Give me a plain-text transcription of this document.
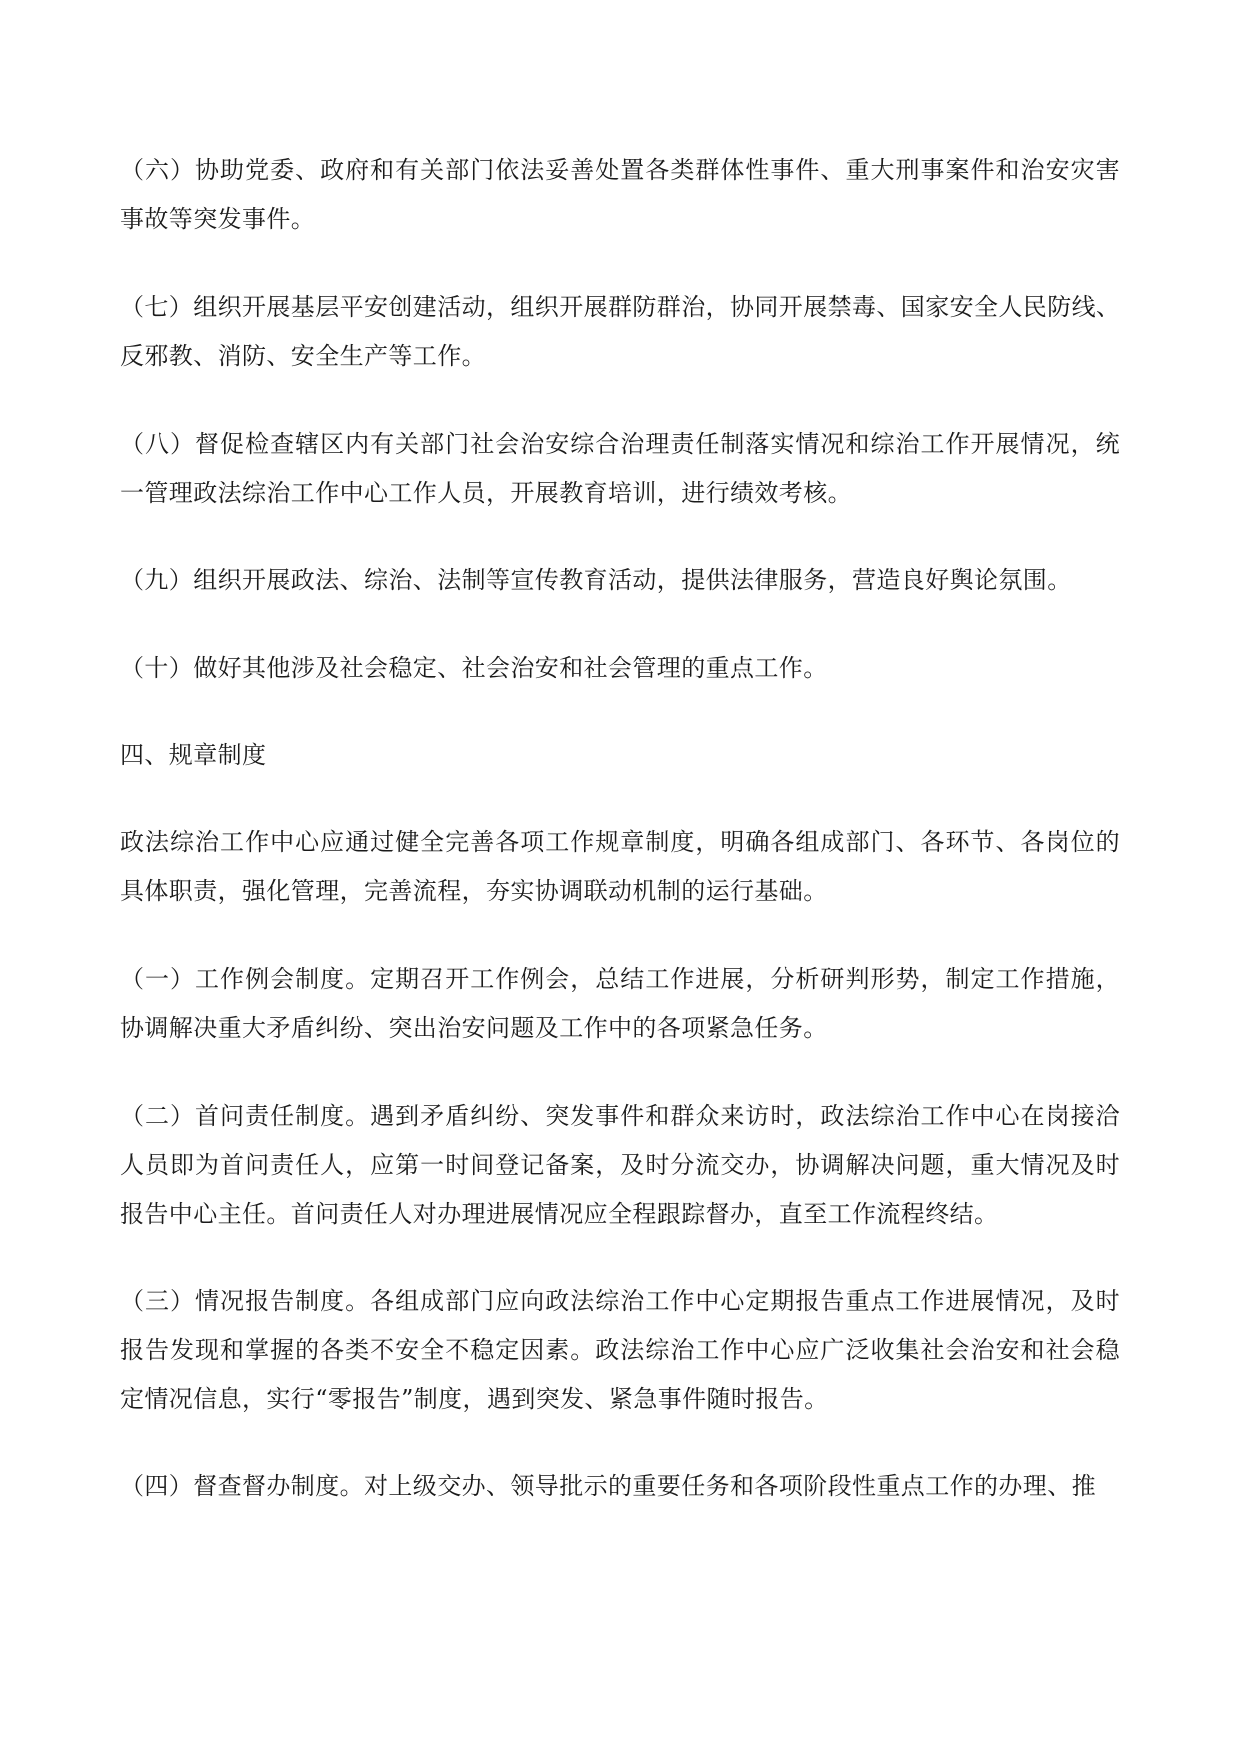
（六）协助党委、政府和有关部门依法妥善处置各类群体性事件、重大刑事案件和治安灾害
事故等突发事件。
（七）组织开展基层平安创建活动，组织开展群防群治，协同开展禁毒、国家安全人民防线、
反邪教、消防、安全生产等工作。
（八）督促检查辖区内有关部门社会治安综合治理责任制落实情况和综治工作开展情况，统
一管理政法综治工作中心工作人员，开展教育培训，进行绩效考核。
（九）组织开展政法、综治、法制等宣传教育活动，提供法律服务，营造良好舆论氛围。
（十）做好其他涉及社会稳定、社会治安和社会管理的重点工作。
四、规章制度
政法综治工作中心应通过健全完善各项工作规章制度，明确各组成部门、各环节、各岗位的
具体职责，强化管理，完善流程，夯实协调联动机制的运行基础。
（一）工作例会制度。定期召开工作例会，总结工作进展，分析研判形势，制定工作措施，
协调解决重大矛盾纠纷、突出治安问题及工作中的各项紧急任务。
（二）首问责任制度。遇到矛盾纠纷、突发事件和群众来访时，政法综治工作中心在岗接洽
人员即为首问责任人，应第一时间登记备案，及时分流交办，协调解决问题，重大情况及时
报告中心主任。首问责任人对办理进展情况应全程跟踪督办，直至工作流程终结。
（三）情况报告制度。各组成部门应向政法综治工作中心定期报告重点工作进展情况，及时
报告发现和掌握的各类不安全不稳定因素。政法综治工作中心应广泛收集社会治安和社会稳
定情况信息，实行“零报告”制度，遇到突发、紧急事件随时报告。
（四）督查督办制度。对上级交办、领导批示的重要任务和各项阶段性重点工作的办理、推
